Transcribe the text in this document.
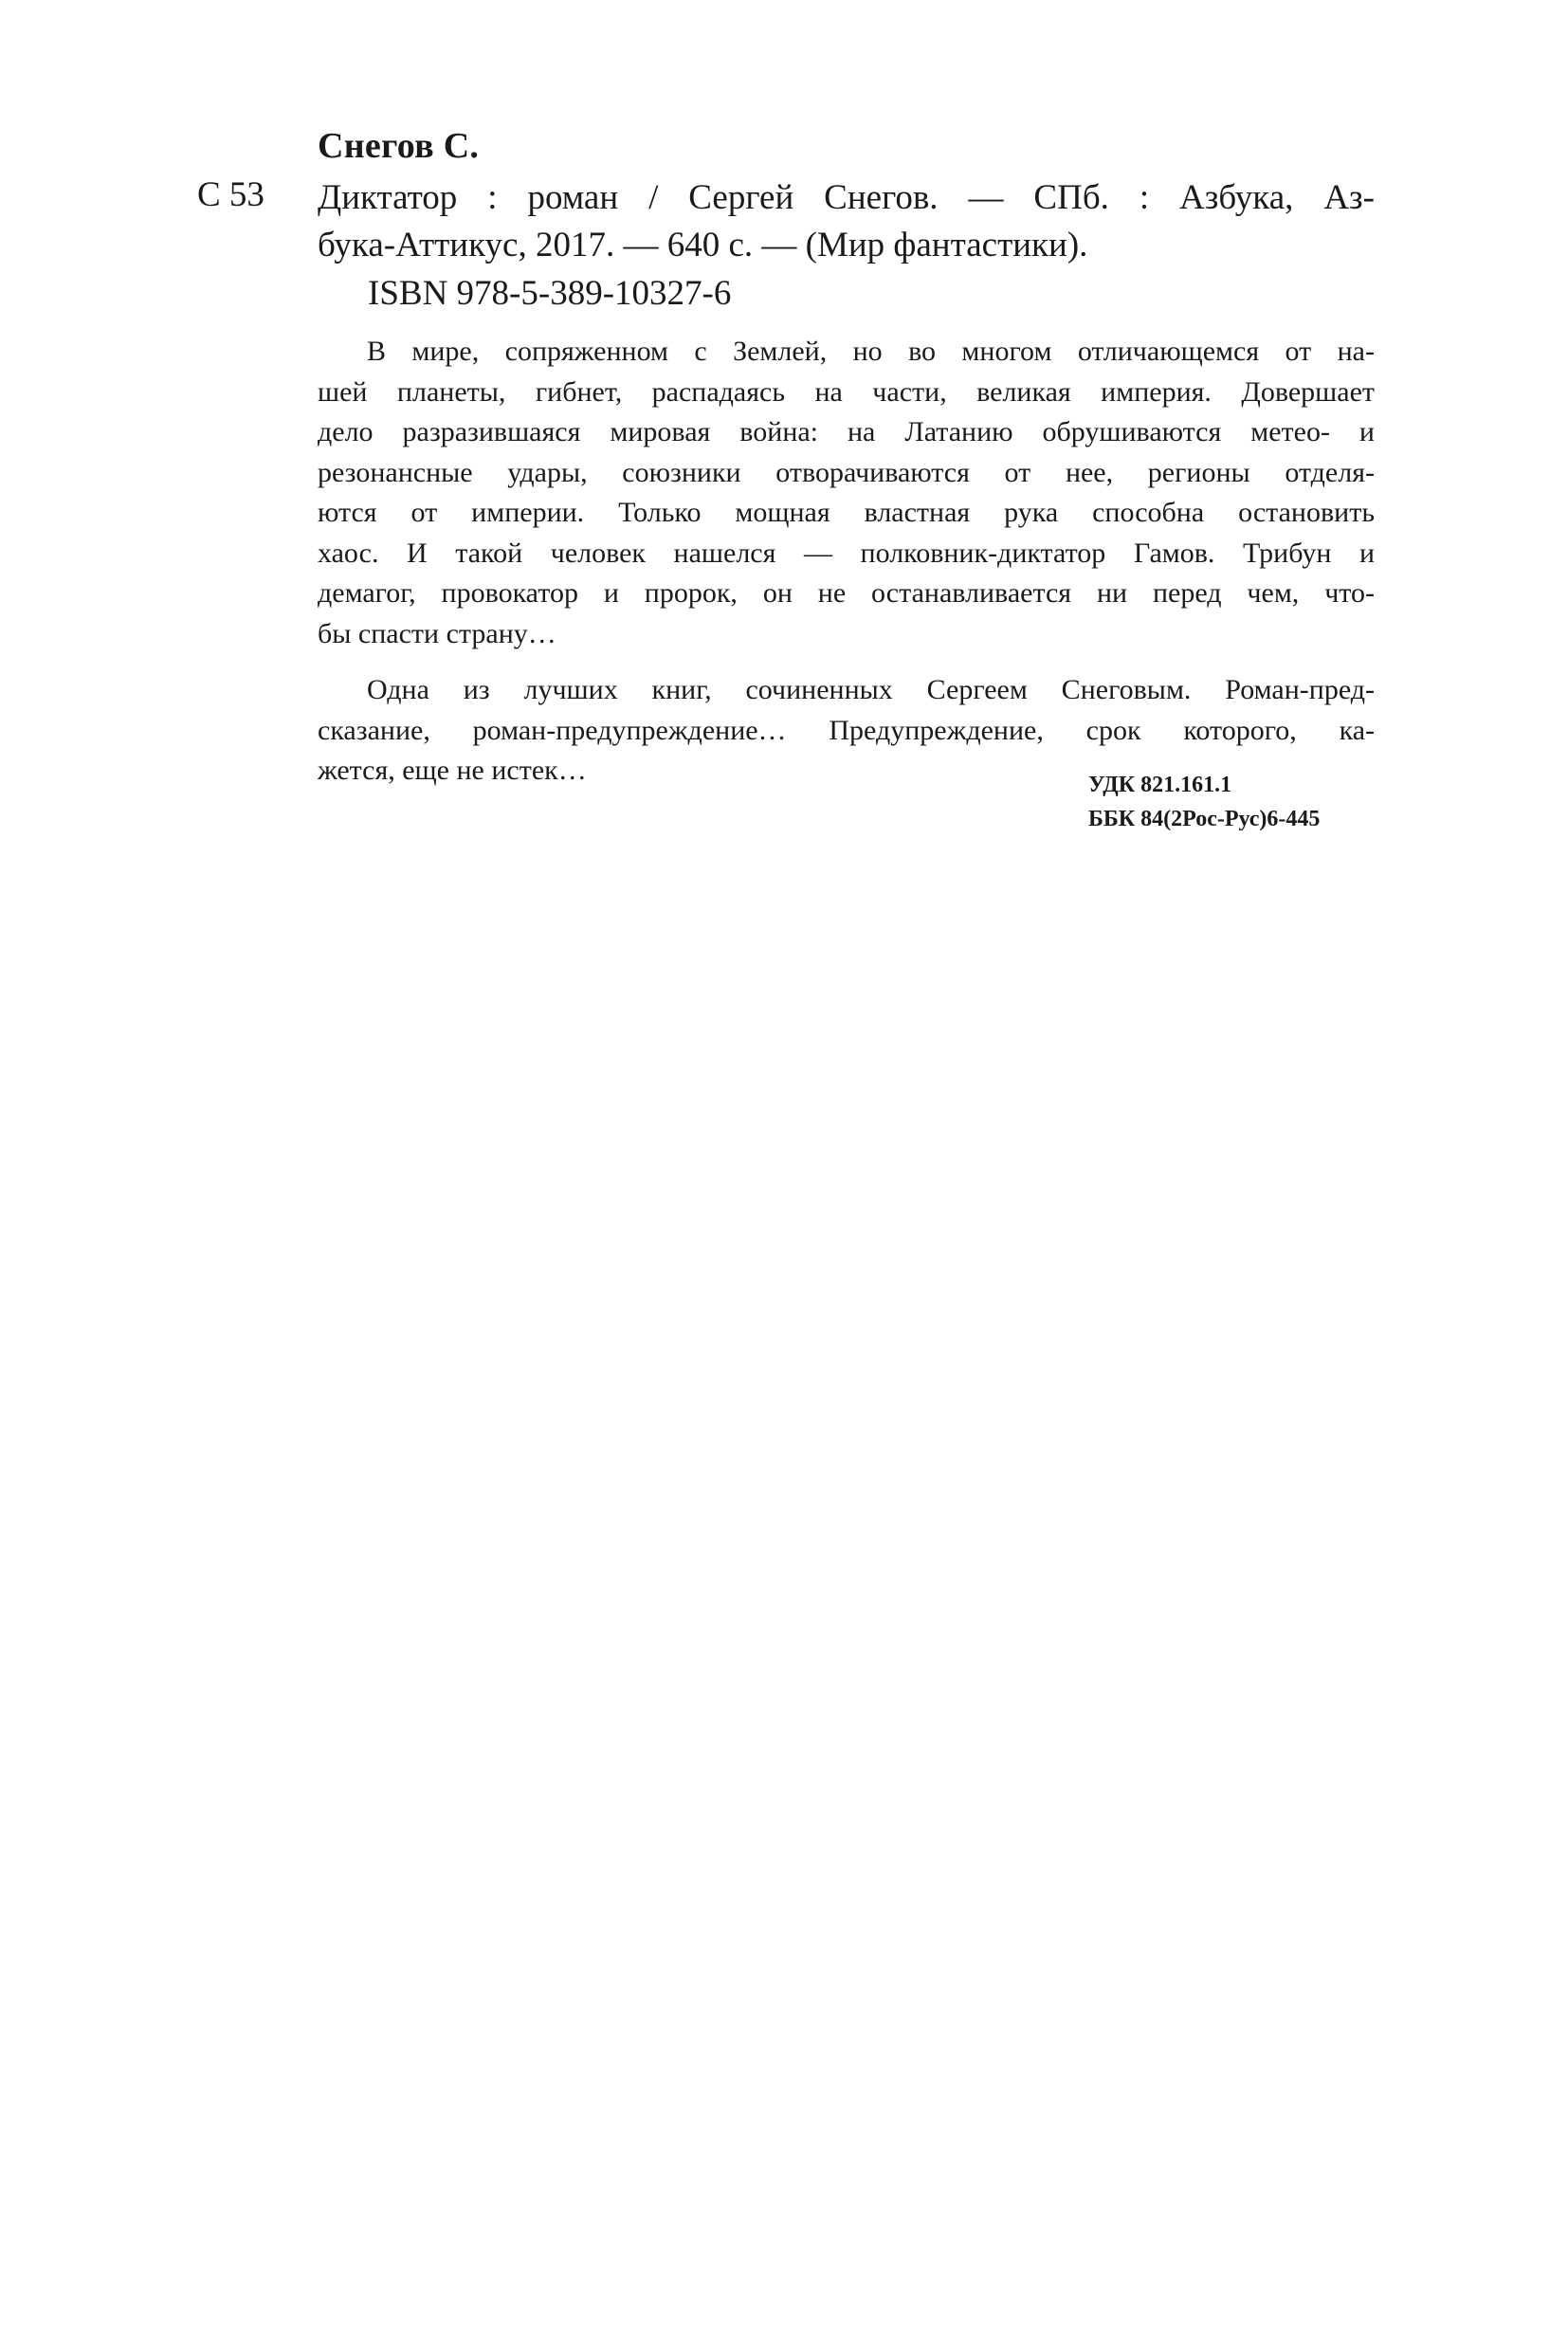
Снегов С.
С 53 Диктатор : роман / Сергей Снегов. — СПб. : Азбука, Аз-
бука-Аттикус, 2017. — 640 с. — (Мир фантастики).
ISBN 978-5-389-10327-6

В мире, сопряженном с Землей, но во многом отличающемся от на-
шей планеты, гибнет, распадаясь на части, великая империя. Довершает
дело разразившаяся мировая война: на Латанию обрушиваются метео- и
резонансные удары, союзники отворачиваются от нее, регионы отделя-
ются от империи. Только мощная властная рука способна остановить
хаос. И такой человек нашелся — полковник-диктатор Гамов. Трибун и
демагог, провокатор и пророк, он не останавливается ни перед чем, что-
бы спасти страну…

Одна из лучших книг, сочиненных Сергеем Снеговым. Роман-пред-
сказание, роман-предупреждение… Предупреждение, срок которого, ка-
жется, еще не истек…	УДК 821.161.1
ББК 84(2Рос-Рус)6-445
